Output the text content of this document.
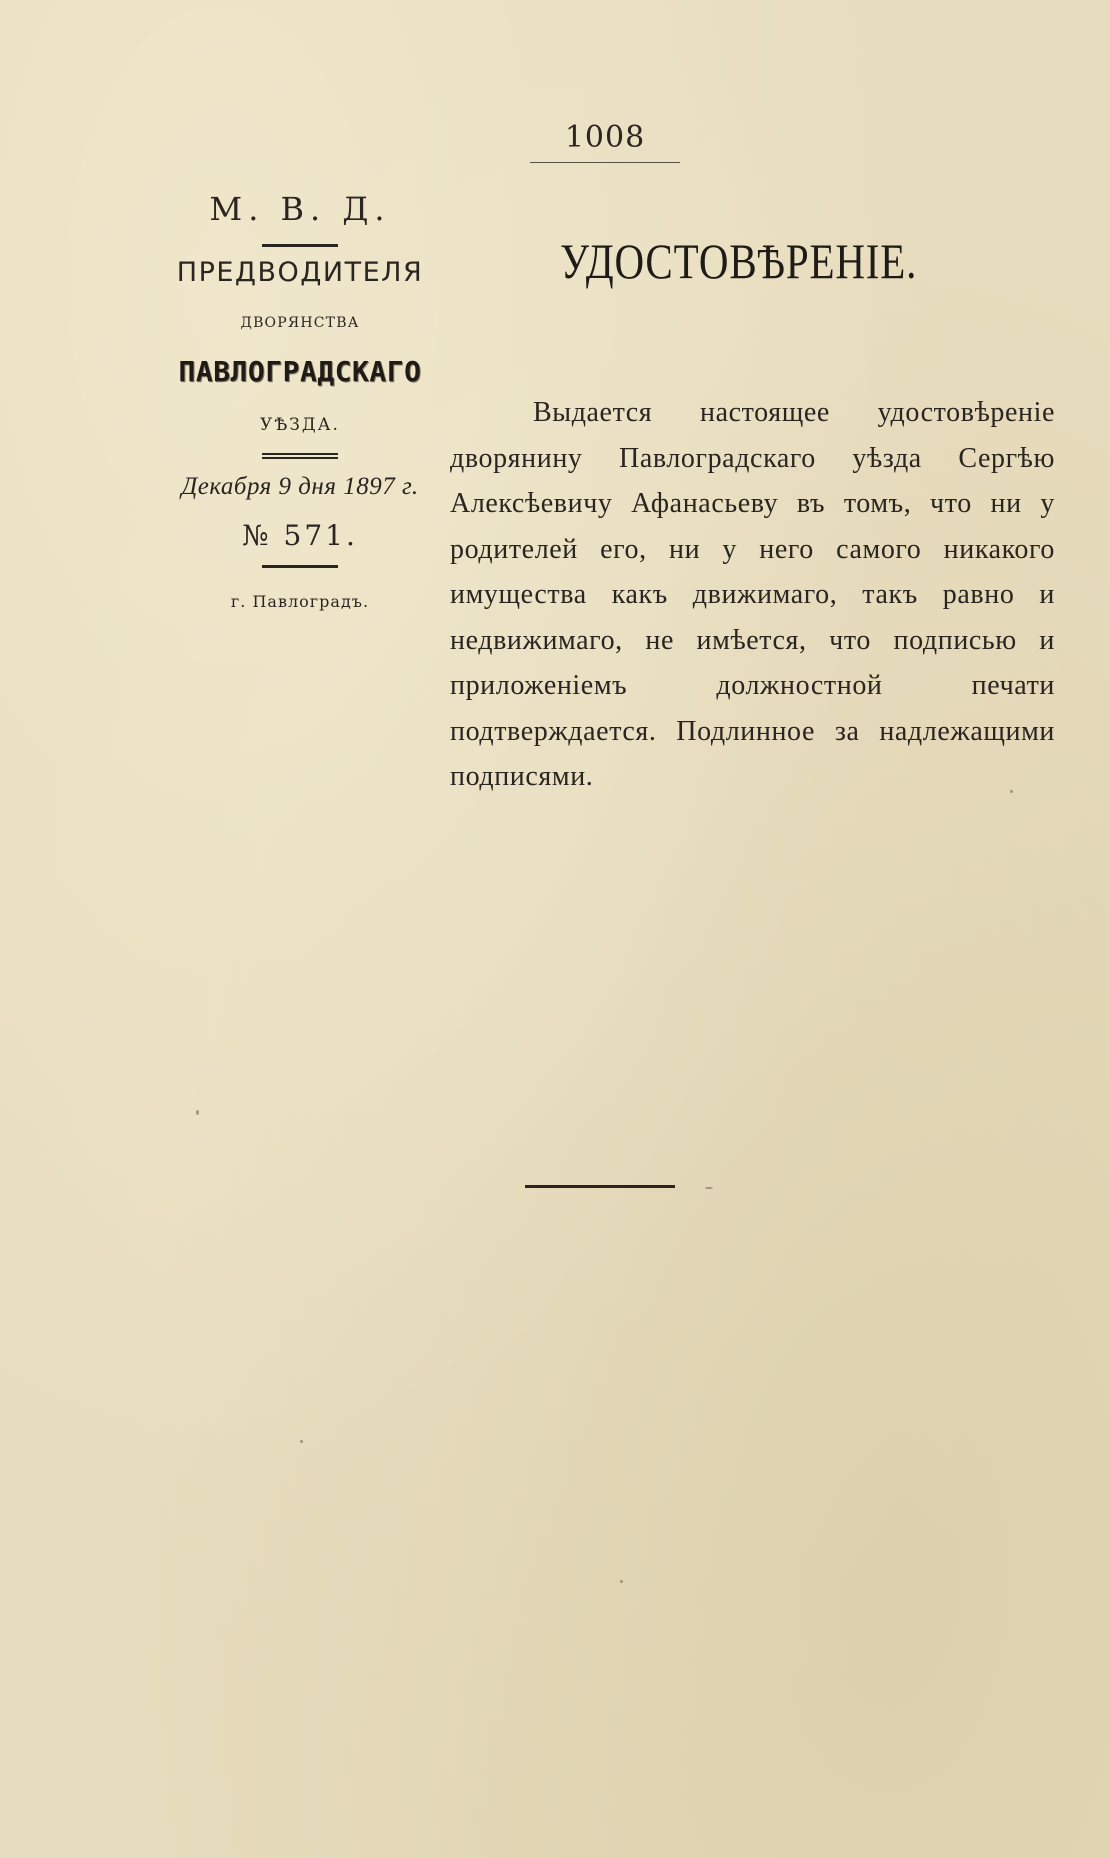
1008
М. В. Д.
ПРЕДВОДИТЕЛЯ
ДВОРЯНСТВА
ПАВЛОГРАДСКАГО
УѢЗДА.
Декабря 9 дня 1897 г.
№ 571.
г. Павлоградъ.
УДОСТОВѢРЕНІЕ.
Выдается настоящее удостовѣреніе дворянину Павлоградскаго уѣзда Сергѣю Алексѣевичу Афанасьеву въ томъ, что ни у родителей его, ни у него самого никакого имущества какъ движимаго, такъ равно и недвижимаго, не имѣется, что подписью и приложеніемъ должностной печати подтверждается. Подлинное за надлежащими подписями.
